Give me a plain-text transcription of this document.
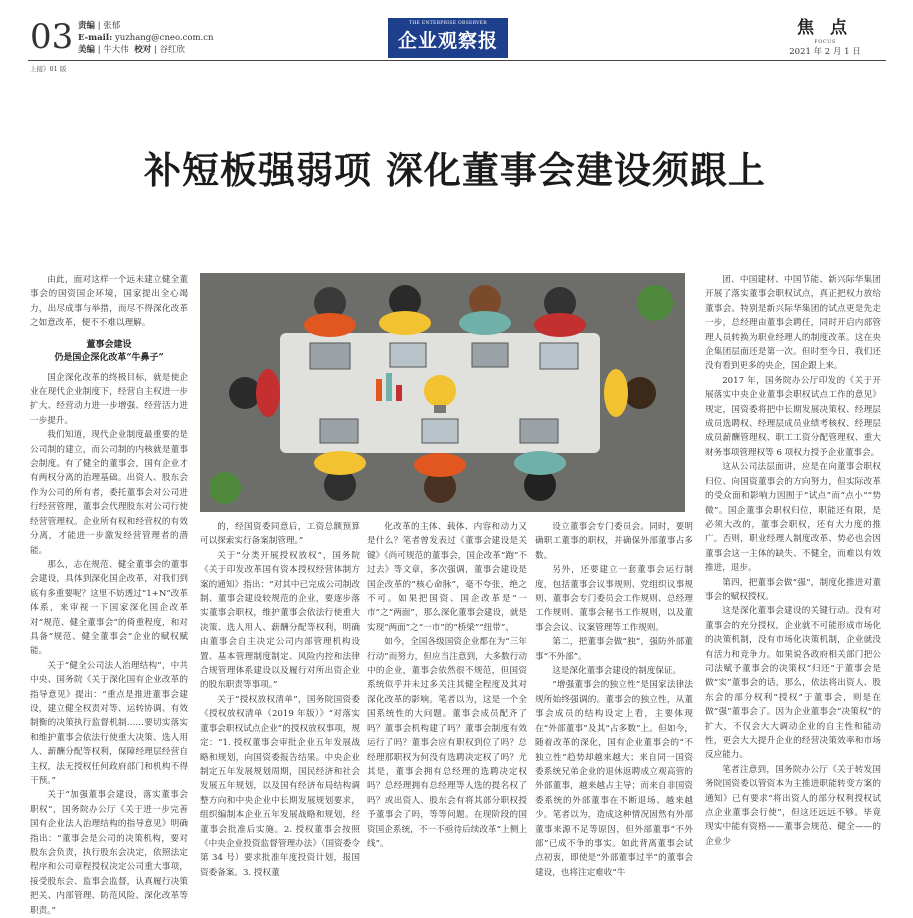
03 责编 | 张郁
E-mail: yuzhang@cneo.com.cn
美编 | 牛大伟 校对 | 谷红欣
THE ENTERPRISE OBSERVER
企业观察报
焦点
FOCUS
2021 年 2 月 1 日
上接》01 版
补短板强弱项 深化董事会建设须跟上

由此，面对这样一个远未建立健全董事会的国资国企环境，国家提出全心竭力，出尽成事与举措，而尽不得深化改革之如意改革，便不不难以理解。

董事会建设
仍是国企深化改革“牛鼻子”

国企深化改革的终极目标，就是使企业在现代企业制度下，经营自主权进一步扩大、经营动力进一步增强、经营活力进一步提升。

我们知道，现代企业制度最重要的是公司制的建立，而公司制的内核就是董事会制度。有了健全的董事会，国有企业才有两权分离的治理基础。出资人、股东会作为公司的所有者，委托董事会对公司进行经营管理，董事会代理股东对公司行使经营管理权。企业所有权和经营权的有效分离，才能进一步激发经营管理者的潜能。

那么，志在规范、健全董事会的董事会建设，具体到深化国企改革，对我们到底有多重要呢？这里不妨透过“1+N”改革体系，来审视一下国家深化国企改革对“规范、健全董事会”的倚重程度，和对具备“规范、健全董事会”企业的赋权赋能。

关于“健全公司法人治理结构”，中共中央、国务院《关于深化国有企业改革的指导意见》提出：“重点是推进董事会建设，建立健全权责对等、运转协调、有效制衡的决策执行监督机制……要切实落实和维护董事会依法行使重大决策、选人用人、薪酬分配等权利，保障经理层经营自主权，法无授权任何政府部门和机构不得干预。”

关于“加强董事会建设，落实董事会职权”，国务院办公厅《关于进一步完善国有企业法人治理结构的指导意见》明确指出：“董事会是公司的决策机构，要对股东会负责，执行股东会决定，依照法定程序和公司章程授权决定公司重大事项，接受股东会、监事会监督，认真履行决策把关、内部管理、防范风险、深化改革等职责。”

的，经国资委同意后，工资总额预算可以探索实行备案制管理。”

关于“分类开展授权放权”，国务院《关于印发改革国有资本授权经营体制方案的通知》指出：“对其中已完成公司制改制、董事会建设较规范的企业，要逐步落实董事会职权，维护董事会依法行使重大决策、选人用人、薪酬分配等权利，明确由董事会自主决定公司内部管理机构设置、基本管理制度制定、风险内控和法律合规管理体系建设以及履行对所出资企业的股东职责等事项。”

关于“授权放权清单”，国务院国资委《授权放权清单（2019 年版）》“对落实董事会职权试点企业”的授权放权事项，规定：“1. 授权董事会审批企业五年发展战略和规划，向国资委报告结果。中央企业制定五年发展规划周期，国民经济和社会发展五年规划，以及国有经济布局结构调整方向和中央企业中长期发展规划要求，组织编制本企业五年发展战略和规划，经董事会批准后实施。2. 授权董事会按照《中央企业投资监督管理办法》（国资委令第 34 号）要求批准年度投资计划，报国资委备案。3. 授权董

化改革的主体、载体、内容和动力又是什么？笔者曾发表过《董事会建设是关键》《尚可规范的董事会，国企改革“跑”不过去》等文章，多次强调，董事会建设是国企改革的“核心命脉”，毫不夸张，绝之不可。如果把国资、国企改革是“一市”之“两面”，那么深化董事会建设，就是实现“两面”之“一市”的“桥梁”“纽带”。

如今，全国各级国资企业都在为“三年行动”而努力，但应当注意到，大多数行动中的企业，董事会依然很不规范，但国资系统似乎并未过多关注其健全程度及其对深化改革的影响。笔者以为，这是一个全国系统性的大问题。董事会成员配齐了吗？董事会机构建了吗？董事会制度有效运行了吗？董事会应有职权到位了吗？总经理那职权为何没有选聘决定权了吗？尤其是，董事会拥有总经理的选聘决定权吗？总经理拥有总经理等人选的提名权了吗？或出资人、股东会有将其部分职权授予董事会了吗，等等问题。在现阶段的国资国企系统，不一不亟待后续改革“上侧上线”。

设立董事会专门委员会。同时，要明确职工董事的职权，并确保外部董事占多数。

另外，还要建立一套董事会运行制度，包括董事会议事规则、党组织议事规则、董事会专门委员会工作规则、总经理工作规则、董事会秘书工作规则，以及董事会会议、议案管理等工作规则。

第二，把董事会做“独”，强防外部董事“不外部”。

这是深化董事会建设的制度保证。

“增强董事会的独立性”是国家法律法规所始终强调的。董事会的独立性，从董事会成员的结构设定上看，主要体现在“外部董事”及其“占多数”上。但如今，随着改革的深化，国有企业董事会的“不独立性”趋势却越来越大；来自同一国资委系统兄弟企业的退休返聘成立观高管的外部董事，越来越占主导；而来自非国资委系统的外部董事在不断退场、越来越少。笔者以为，造成这种情况固然有外部董事来源不足等原因，但外部董事“不外部”已成不争的事实。如此背离董事会试点初衷，即使是“外部董事过半”的董事会建设，也将注定难收“牛

团、中国建材、中国节能、新兴际华集团开展了落实董事会职权试点，真正把权力放给董事会。特别是新兴际华集团的试点更是先走一步，总经理由董事会聘任，同时开启内部管理人员转换为职业经理人的制度改革。这在央企集团层面还是第一次。但时至今日，我们还没有看到更多的央企，国企跟上来。

2017 年，国务院办公厅印发的《关于开展落实中央企业董事会职权试点工作的意见》规定，国资委将把中长期发展决策权、经理层成员选聘权、经理层成员业绩考核权、经理层成员薪酬管理权、职工工资分配管理权、重大财务事项管理权等 6 项权力授予企业董事会。

这从公司法层面讲，应是在向董事会职权归位、向国资董事会的方向努力，但实际改革的受众面和影响力因囿于“试点”而“点小”“势微”。国企董事会职权归位，职能还有限，是必须大改的，董事会职权，还有大力度的推广。否则，职业经理人制度改革、势必也会因董事会这一主体的缺失、不健全，而难以有效推进，退步。

第四，把董事会做“强”，制度化推进对董事会的赋权授权。

这是深化董事会建设的关键行动。没有对董事会的充分授权，企业就不可能形成市场化的决策机制，没有市场化决策机制，企业就没有活力和竞争力。如果说各政府相关部门把公司法赋予董事会的决策权“归还”于董事会是做“实”董事会的话，那么，依法将出资人、股东会的部分权利“授权”于董事会，则是在做“强”董事会了。因为企业董事会“决策权”的扩大，不仅会大大调动企业的自主性和能动性，更会大大提升企业的经营决策效率和市场反应能力。

笔者注意到，国务院办公厅《关于转发国务院国资委以管资本为主推进职能转变方案的通知》已有要求“将出资人的部分权利授权试点企业董事会行使”，但这还远远不够。毕竟现实中能有资格——董事会规范、健全——的企业少
